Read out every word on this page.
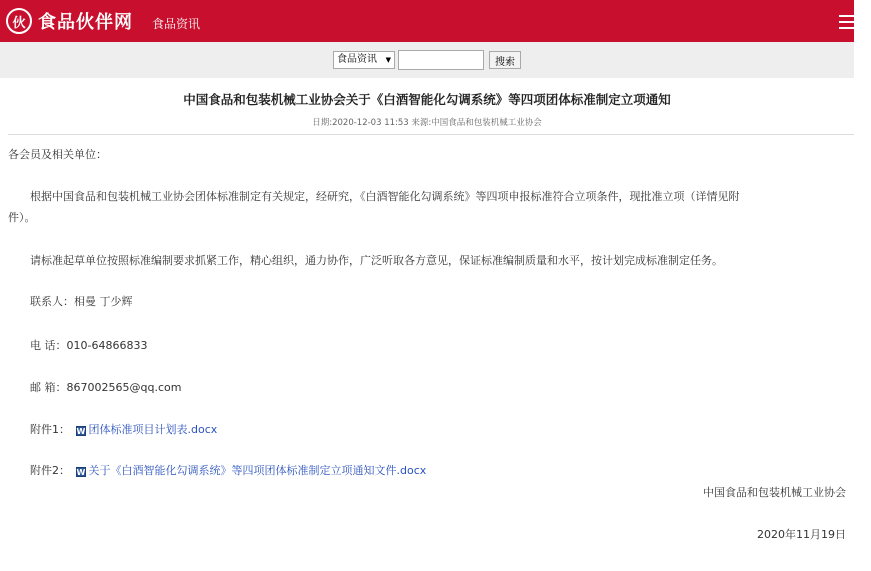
伙 食品伙伴网 食品资讯
食品资讯 ▼	搜索
中国食品和包装机械工业协会关于《白酒智能化勾调系统》等四项团体标准制定立项通知
日期:2020-12-03 11:53 来源:中国食品和包装机械工业协会
各会员及相关单位：
根据中国食品和包装机械工业协会团体标准制定有关规定，经研究，《白酒智能化勾调系统》等四项申报标准符合立项条件，现批准立项（详情见附
件）。
请标准起草单位按照标准编制要求抓紧工作，精心组织，通力协作，广泛听取各方意见，保证标准编制质量和水平，按计划完成标准制定任务。
联系人：相曼 丁少辉
电 话：010-64866833
邮 箱：867002565@qq.com
附件1： W 团体标准项目计划表.docx
附件2： W 关于《白酒智能化勾调系统》等四项团体标准制定立项通知文件.docx
中国食品和包装机械工业协会
2020年11月19日
